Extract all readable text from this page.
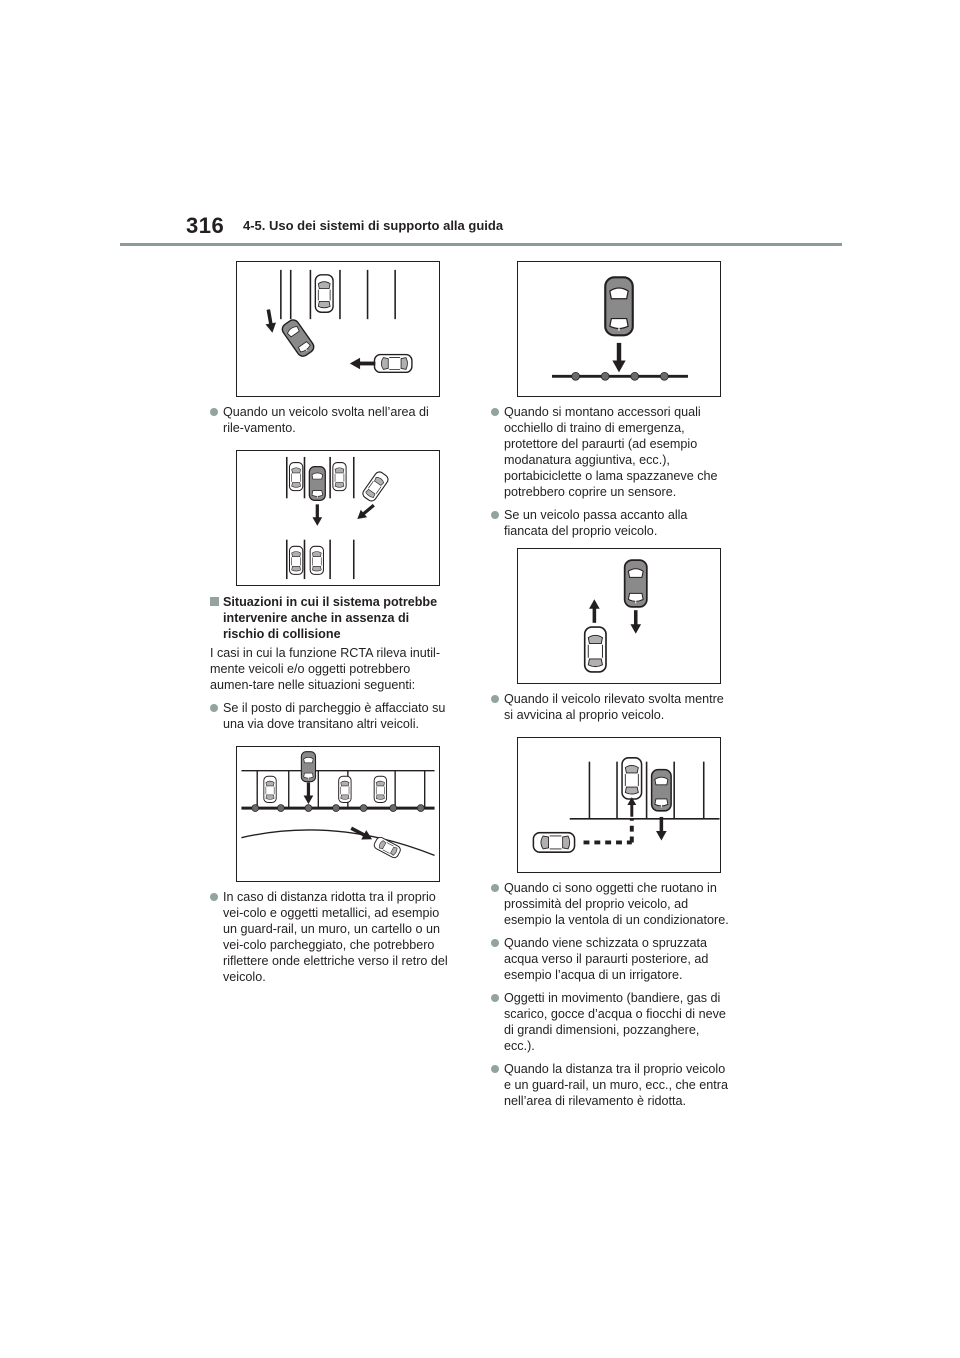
316 4-5. Uso dei sistemi di supporto alla guida
Quando un veicolo svolta nell’area di rile-vamento.
Situazioni in cui il sistema potrebbe intervenire anche in assenza di rischio di collisione
I casi in cui la funzione RCTA rileva inutil-mente veicoli e/o oggetti potrebbero aumen-tare nelle situazioni seguenti:
Se il posto di parcheggio è affacciato su una via dove transitano altri veicoli.
In caso di distanza ridotta tra il proprio vei-colo e oggetti metallici, ad esempio un guard-rail, un muro, un cartello o un vei-colo parcheggiato, che potrebbero riflettere onde elettriche verso il retro del veicolo.
Quando si montano accessori quali occhiello di traino di emergenza, protettore del paraurti (ad esempio modanatura aggiuntiva, ecc.), portabiciclette o lama spazzaneve che potrebbero coprire un sensore.
Se un veicolo passa accanto alla fiancata del proprio veicolo.
Quando il veicolo rilevato svolta mentre si avvicina al proprio veicolo.
Quando ci sono oggetti che ruotano in prossimità del proprio veicolo, ad esempio la ventola di un condizionatore.
Quando viene schizzata o spruzzata acqua verso il paraurti posteriore, ad esempio l’acqua di un irrigatore.
Oggetti in movimento (bandiere, gas di scarico, gocce d’acqua o fiocchi di neve di grandi dimensioni, pozzanghere, ecc.).
Quando la distanza tra il proprio veicolo e un guard-rail, un muro, ecc., che entra nell’area di rilevamento è ridotta.
